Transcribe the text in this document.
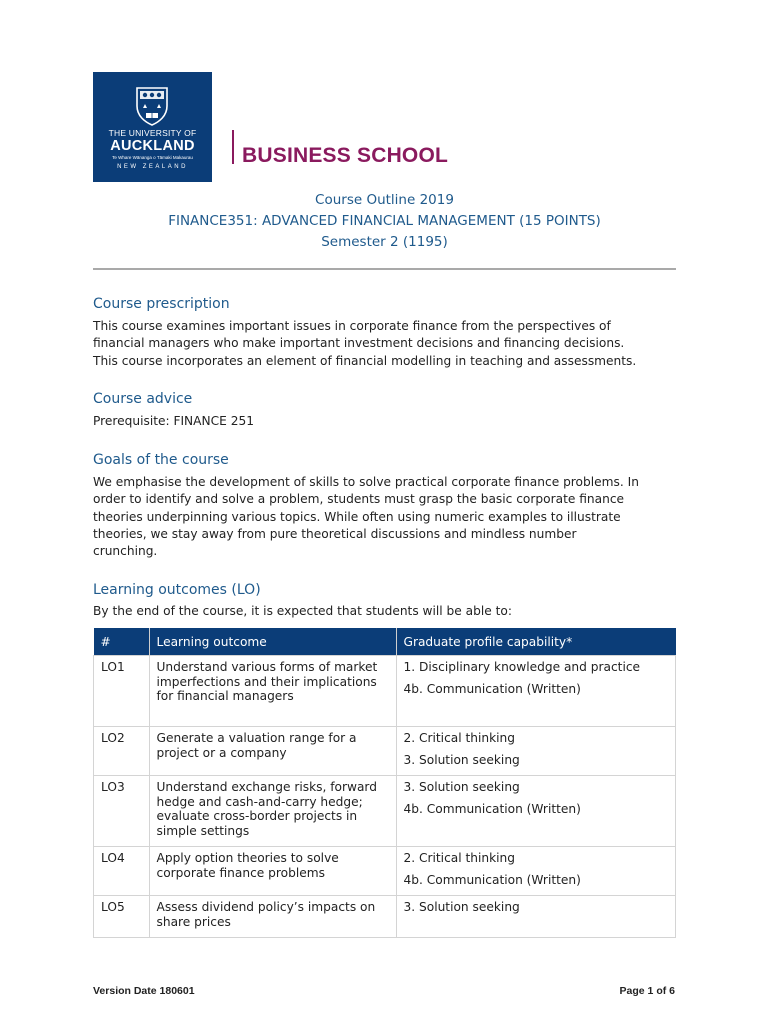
THE UNIVERSITY OF
AUCKLAND
Te Whare Wānanga o Tāmaki Makaurau
NEW ZEALAND	BUSINESS SCHOOL
Course Outline 2019
FINANCE351: ADVANCED FINANCIAL MANAGEMENT (15 POINTS)
Semester 2 (1195)
Course prescription
This course examines important issues in corporate finance from the perspectives of
financial managers who make important investment decisions and financing decisions.
This course incorporates an element of financial modelling in teaching and assessments.
Course advice
Prerequisite: FINANCE 251
Goals of the course
We emphasise the development of skills to solve practical corporate finance problems. In
order to identify and solve a problem, students must grasp the basic corporate finance
theories underpinning various topics. While often using numeric examples to illustrate
theories, we stay away from pure theoretical discussions and mindless number
crunching.
Learning outcomes (LO)
By the end of the course, it is expected that students will be able to:
#	Learning outcome	Graduate profile capability*
LO1	Understand various forms of market imperfections and their implications for financial managers	1. Disciplinary knowledge and practice
4b. Communication (Written)

LO2	Generate a valuation range for a project or a company	2. Critical thinking
3. Solution seeking

LO3	Understand exchange risks, forward hedge and cash-and-carry hedge; evaluate cross-border projects in simple settings	3. Solution seeking
4b. Communication (Written)

LO4	Apply option theories to solve corporate finance problems	2. Critical thinking
4b. Communication (Written)

LO5	Assess dividend policy’s impacts on share prices	3. Solution seeking
Version Date 180601	Page 1 of 6
